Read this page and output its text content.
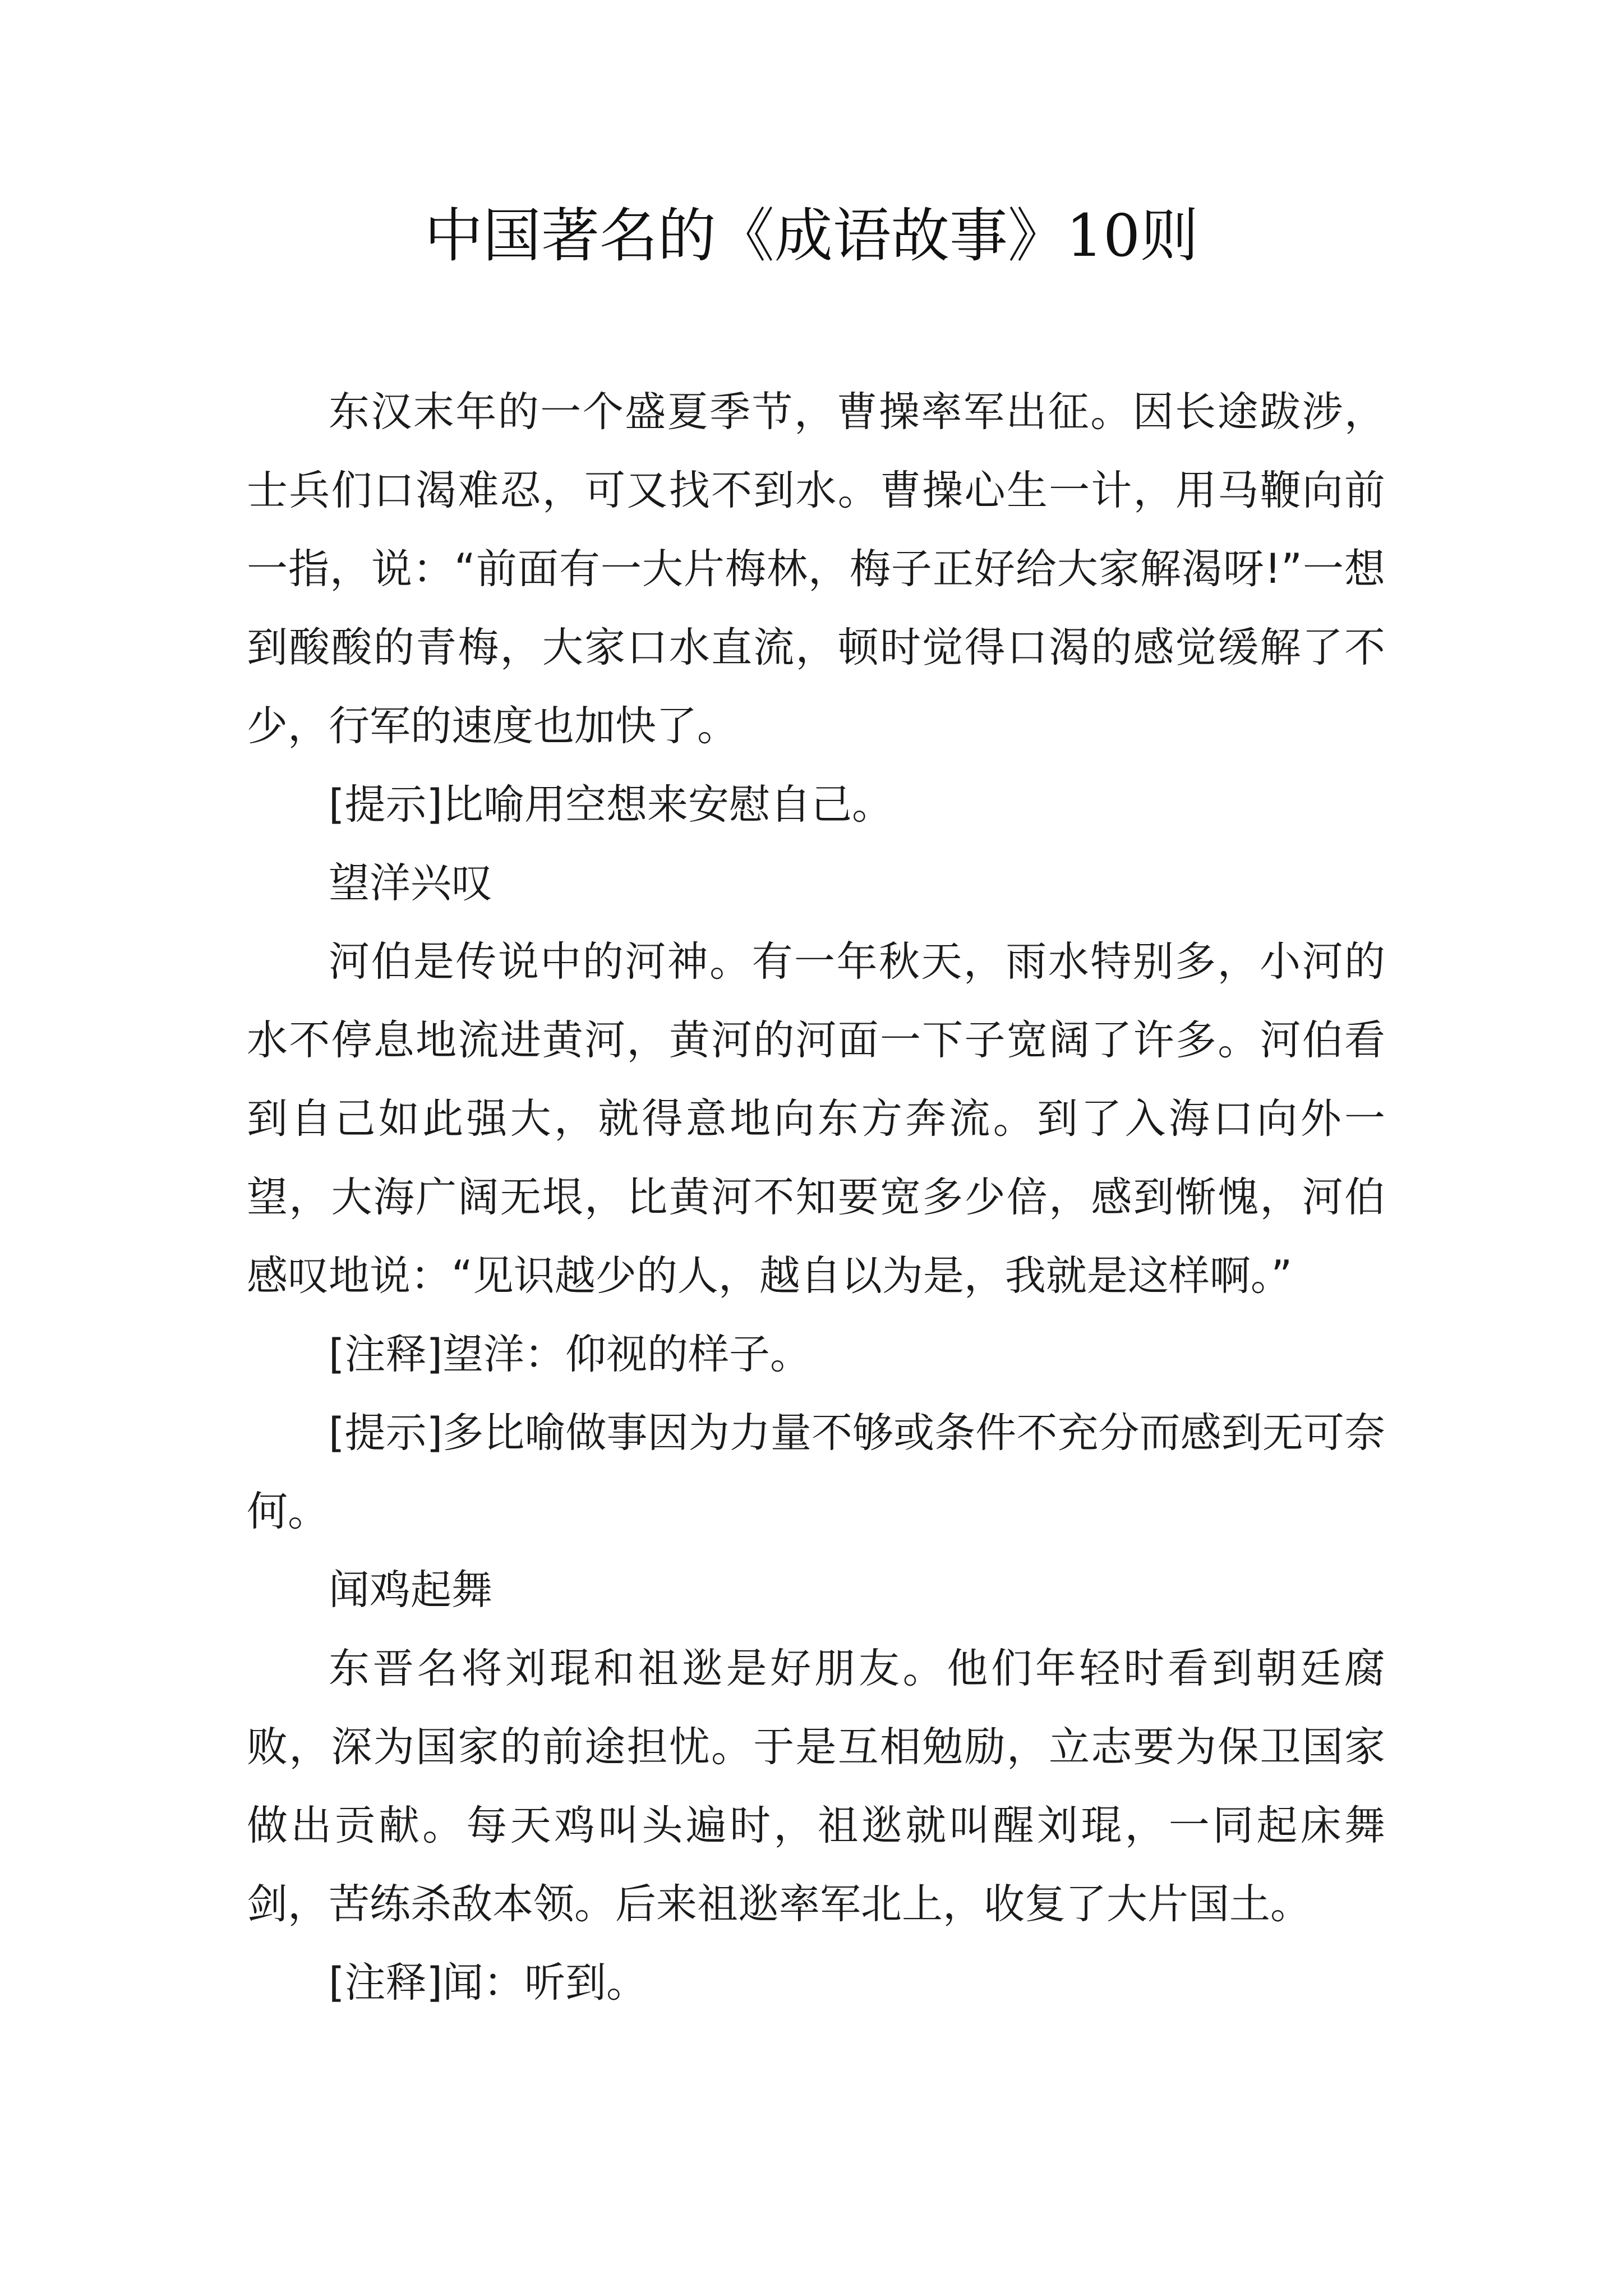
中国著名的《成语故事》10则

东汉末年的一个盛夏季节，曹操率军出征。因长途跋涉，士兵们口渴难忍，可又找不到水。曹操心生一计，用马鞭向前一指，说：“前面有一大片梅林，梅子正好给大家解渴呀!”一想到酸酸的青梅，大家口水直流，顿时觉得口渴的感觉缓解了不少，行军的速度也加快了。

[提示]比喻用空想来安慰自己。

望洋兴叹

河伯是传说中的河神。有一年秋天，雨水特别多，小河的水不停息地流进黄河，黄河的河面一下子宽阔了许多。河伯看到自己如此强大，就得意地向东方奔流。到了入海口向外一望，大海广阔无垠，比黄河不知要宽多少倍，感到惭愧，河伯感叹地说：“见识越少的人，越自以为是，我就是这样啊。”

[注释]望洋：仰视的样子。

[提示]多比喻做事因为力量不够或条件不充分而感到无可奈何。

闻鸡起舞

东晋名将刘琨和祖逖是好朋友。他们年轻时看到朝廷腐败，深为国家的前途担忧。于是互相勉励，立志要为保卫国家做出贡献。每天鸡叫头遍时，祖逖就叫醒刘琨，一同起床舞剑，苦练杀敌本领。后来祖逖率军北上，收复了大片国土。

[注释]闻：听到。
